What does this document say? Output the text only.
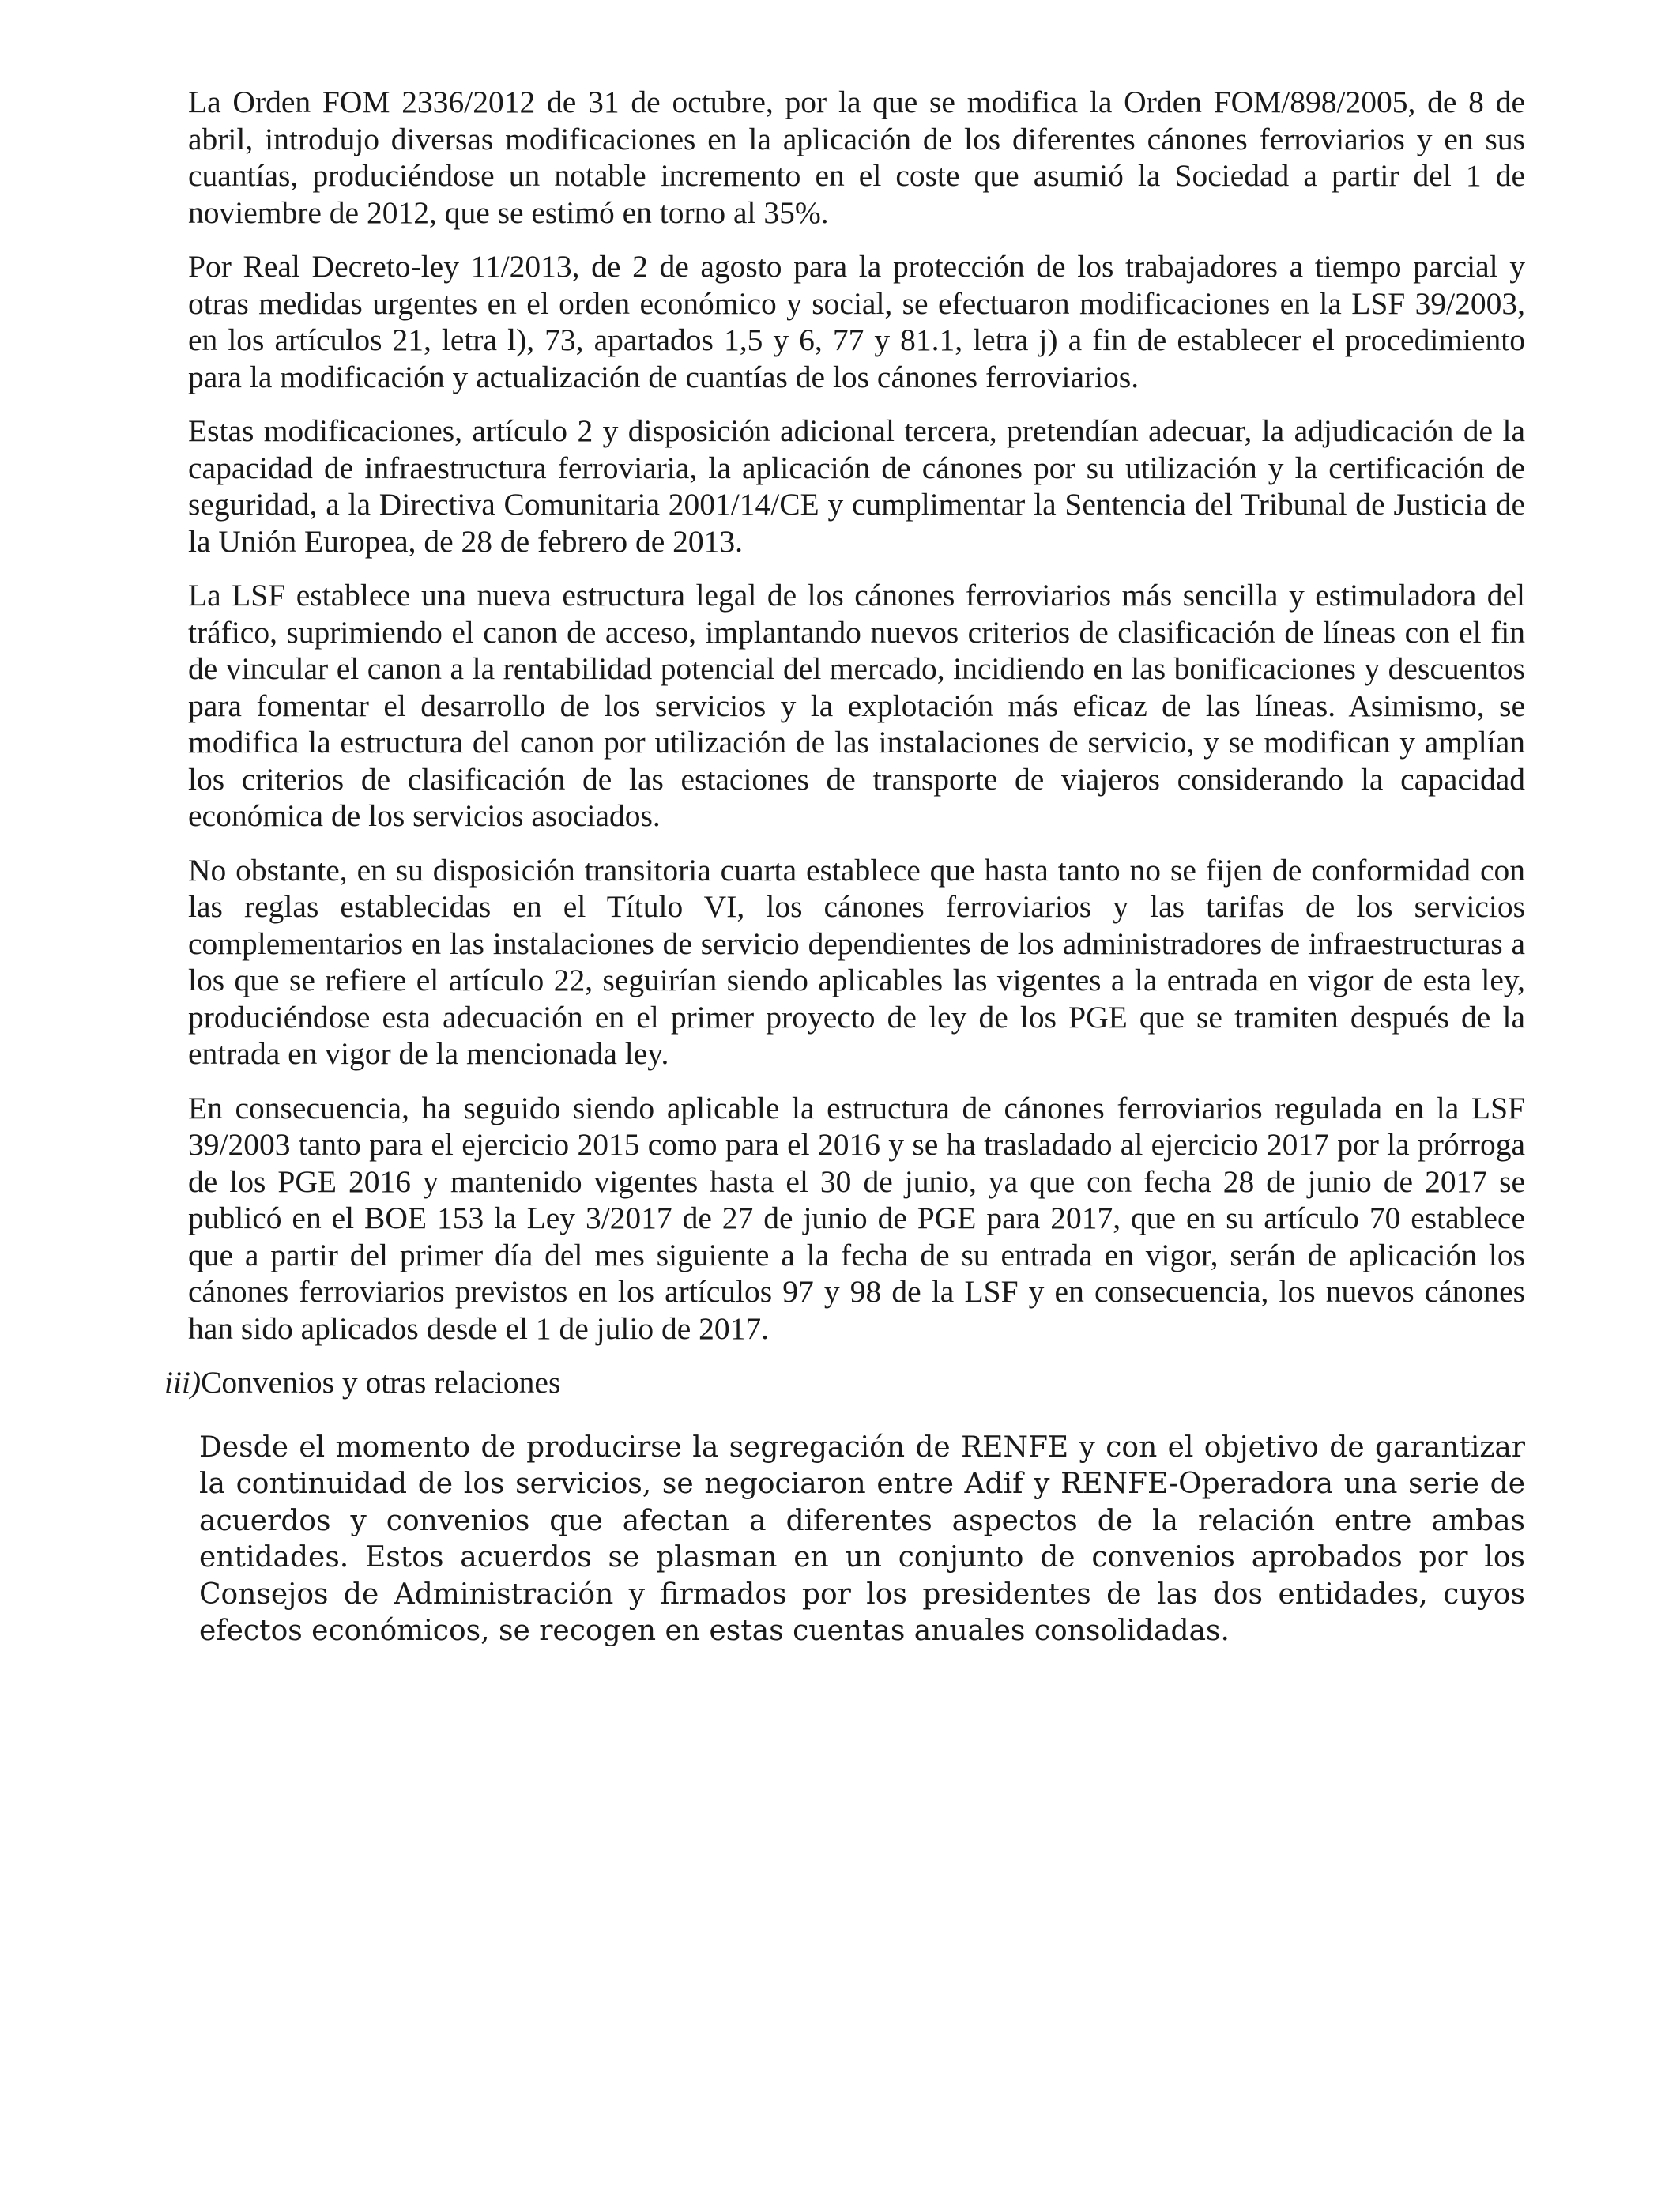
La Orden FOM 2336/2012 de 31 de octubre, por la que se modifica la Orden FOM/898/2005, de 8 de abril, introdujo diversas modificaciones en la aplicación de los diferentes cánones ferroviarios y en sus cuantías, produciéndose un notable incremento en el coste que asumió la Sociedad a partir del 1 de noviembre de 2012, que se estimó en torno al 35%.

Por Real Decreto-ley 11/2013, de 2 de agosto para la protección de los trabajadores a tiempo parcial y otras medidas urgentes en el orden económico y social, se efectuaron modificaciones en la LSF 39/2003, en los artículos 21, letra l), 73, apartados 1,5 y 6, 77 y 81.1, letra j) a fin de establecer el procedimiento para la modificación y actualización de cuantías de los cánones ferroviarios.

Estas modificaciones, artículo 2 y disposición adicional tercera, pretendían adecuar, la adjudicación de la capacidad de infraestructura ferroviaria, la aplicación de cánones por su utilización y la certificación de seguridad, a la Directiva Comunitaria 2001/14/CE y cumplimentar la Sentencia del Tribunal de Justicia de la Unión Europea, de 28 de febrero de 2013.

La LSF establece una nueva estructura legal de los cánones ferroviarios más sencilla y estimuladora del tráfico, suprimiendo el canon de acceso, implantando nuevos criterios de clasificación de líneas con el fin de vincular el canon a la rentabilidad potencial del mercado, incidiendo en las bonificaciones y descuentos para fomentar el desarrollo de los servicios y la explotación más eficaz de las líneas. Asimismo, se modifica la estructura del canon por utilización de las instalaciones de servicio, y se modifican y amplían los criterios de clasificación de las estaciones de transporte de viajeros considerando la capacidad económica de los servicios asociados.

No obstante, en su disposición transitoria cuarta establece que hasta tanto no se fijen de conformidad con las reglas establecidas en el Título VI, los cánones ferroviarios y las tarifas de los servicios complementarios en las instalaciones de servicio dependientes de los administradores de infraestructuras a los que se refiere el artículo 22, seguirían siendo aplicables las vigentes a la entrada en vigor de esta ley, produciéndose esta adecuación en el primer proyecto de ley de los PGE que se tramiten después de la entrada en vigor de la mencionada ley.

En consecuencia, ha seguido siendo aplicable la estructura de cánones ferroviarios regulada en la LSF 39/2003 tanto para el ejercicio 2015 como para el 2016 y se ha trasladado al ejercicio 2017 por la prórroga de los PGE 2016 y mantenido vigentes hasta el 30 de junio, ya que con fecha 28 de junio de 2017 se publicó en el BOE 153 la Ley 3/2017 de 27 de junio de PGE para 2017, que en su artículo 70 establece que a partir del primer día del mes siguiente a la fecha de su entrada en vigor, serán de aplicación los cánones ferroviarios previstos en los artículos 97 y 98 de la LSF y en consecuencia, los nuevos cánones han sido aplicados desde el 1 de julio de 2017.

iii)Convenios y otras relaciones

Desde el momento de producirse la segregación de RENFE y con el objetivo de garantizar la continuidad de los servicios, se negociaron entre Adif y RENFE-Operadora una serie de acuerdos y convenios que afectan a diferentes aspectos de la relación entre ambas entidades. Estos acuerdos se plasman en un conjunto de convenios aprobados por los Consejos de Administración y firmados por los presidentes de las dos entidades, cuyos efectos económicos, se recogen en estas cuentas anuales consolidadas.
